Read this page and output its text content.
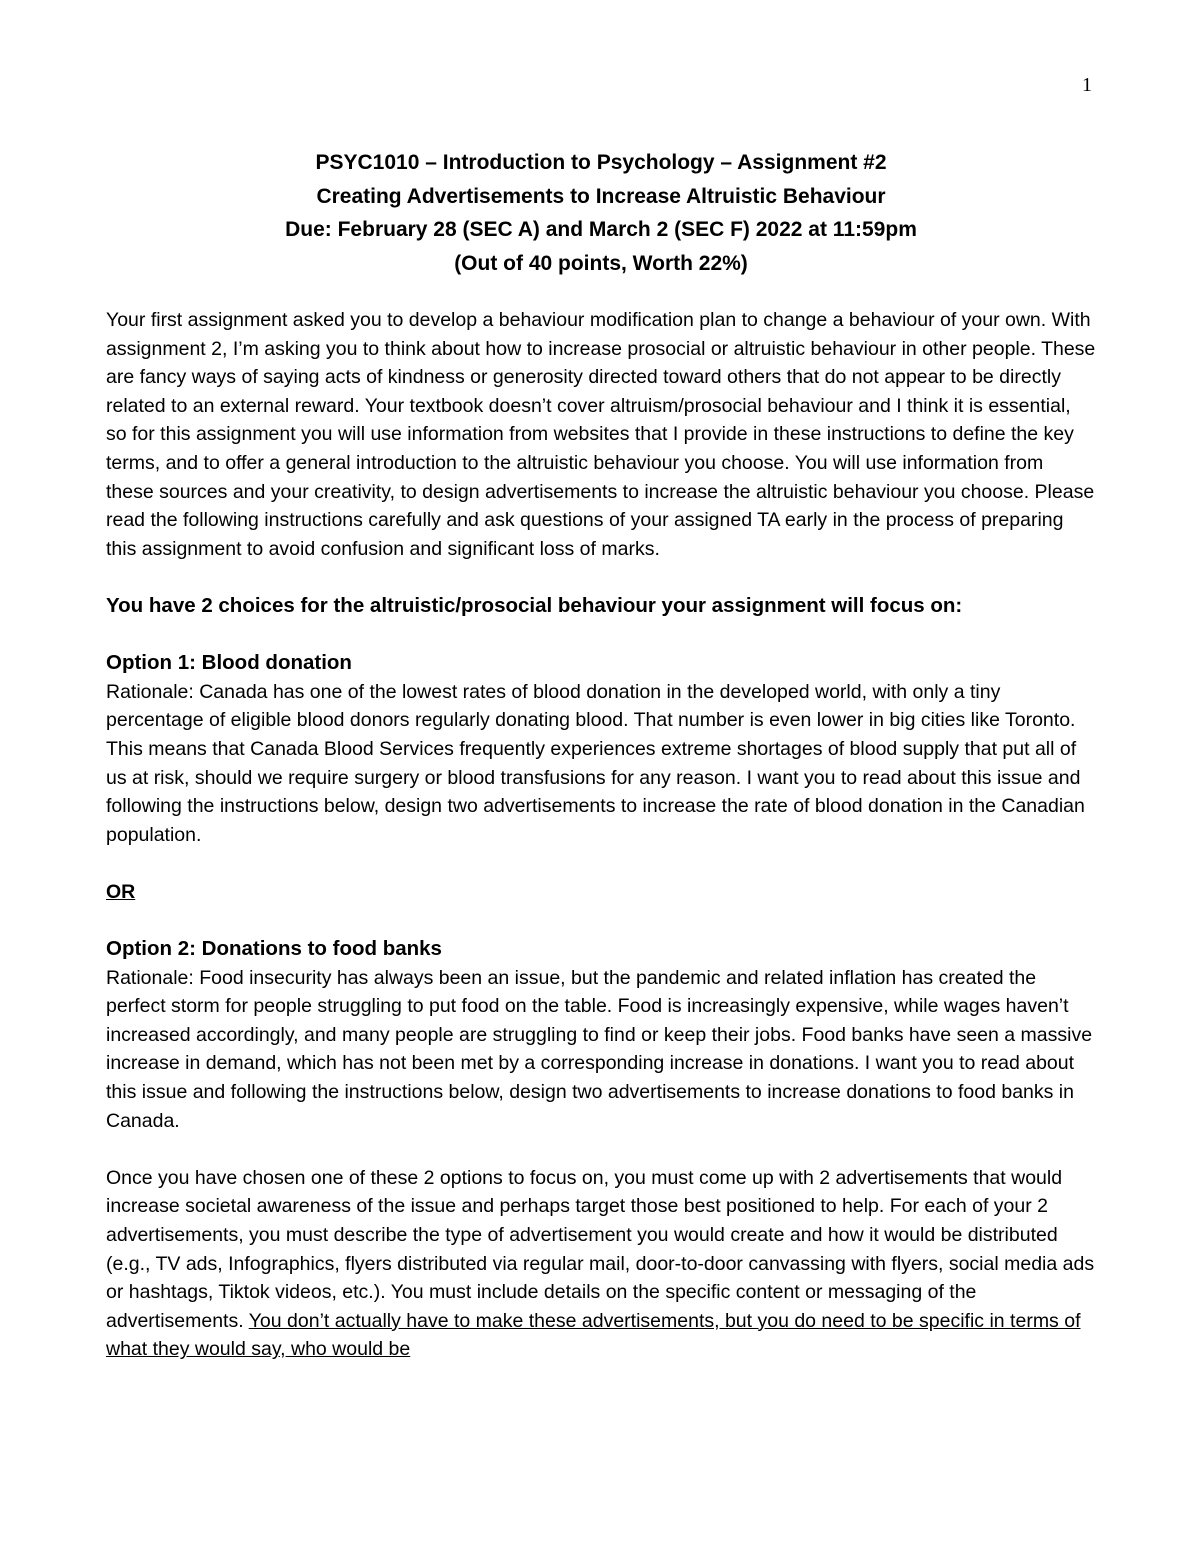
1
PSYC1010 – Introduction to Psychology – Assignment #2
Creating Advertisements to Increase Altruistic Behaviour
Due: February 28 (SEC A) and March 2 (SEC F) 2022 at 11:59pm
(Out of 40 points, Worth 22%)

Your first assignment asked you to develop a behaviour modification plan to change a behaviour of your own. With assignment 2, I’m asking you to think about how to increase prosocial or altruistic behaviour in other people. These are fancy ways of saying acts of kindness or generosity directed toward others that do not appear to be directly related to an external reward. Your textbook doesn’t cover altruism/prosocial behaviour and I think it is essential, so for this assignment you will use information from websites that I provide in these instructions to define the key terms, and to offer a general introduction to the altruistic behaviour you choose. You will use information from these sources and your creativity, to design advertisements to increase the altruistic behaviour you choose. Please read the following instructions carefully and ask questions of your assigned TA early in the process of preparing this assignment to avoid confusion and significant loss of marks.

You have 2 choices for the altruistic/prosocial behaviour your assignment will focus on:

Option 1: Blood donation

Rationale: Canada has one of the lowest rates of blood donation in the developed world, with only a tiny percentage of eligible blood donors regularly donating blood. That number is even lower in big cities like Toronto. This means that Canada Blood Services frequently experiences extreme shortages of blood supply that put all of us at risk, should we require surgery or blood transfusions for any reason. I want you to read about this issue and following the instructions below, design two advertisements to increase the rate of blood donation in the Canadian population.

OR

Option 2: Donations to food banks

Rationale: Food insecurity has always been an issue, but the pandemic and related inflation has created the perfect storm for people struggling to put food on the table. Food is increasingly expensive, while wages haven’t increased accordingly, and many people are struggling to find or keep their jobs. Food banks have seen a massive increase in demand, which has not been met by a corresponding increase in donations. I want you to read about this issue and following the instructions below, design two advertisements to increase donations to food banks in Canada.

Once you have chosen one of these 2 options to focus on, you must come up with 2 advertisements that would increase societal awareness of the issue and perhaps target those best positioned to help. For each of your 2 advertisements, you must describe the type of advertisement you would create and how it would be distributed (e.g., TV ads, Infographics, flyers distributed via regular mail, door-to-door canvassing with flyers, social media ads or hashtags, Tiktok videos, etc.). You must include details on the specific content or messaging of the advertisements. You don’t actually have to make these advertisements, but you do need to be specific in terms of what they would say, who would be
